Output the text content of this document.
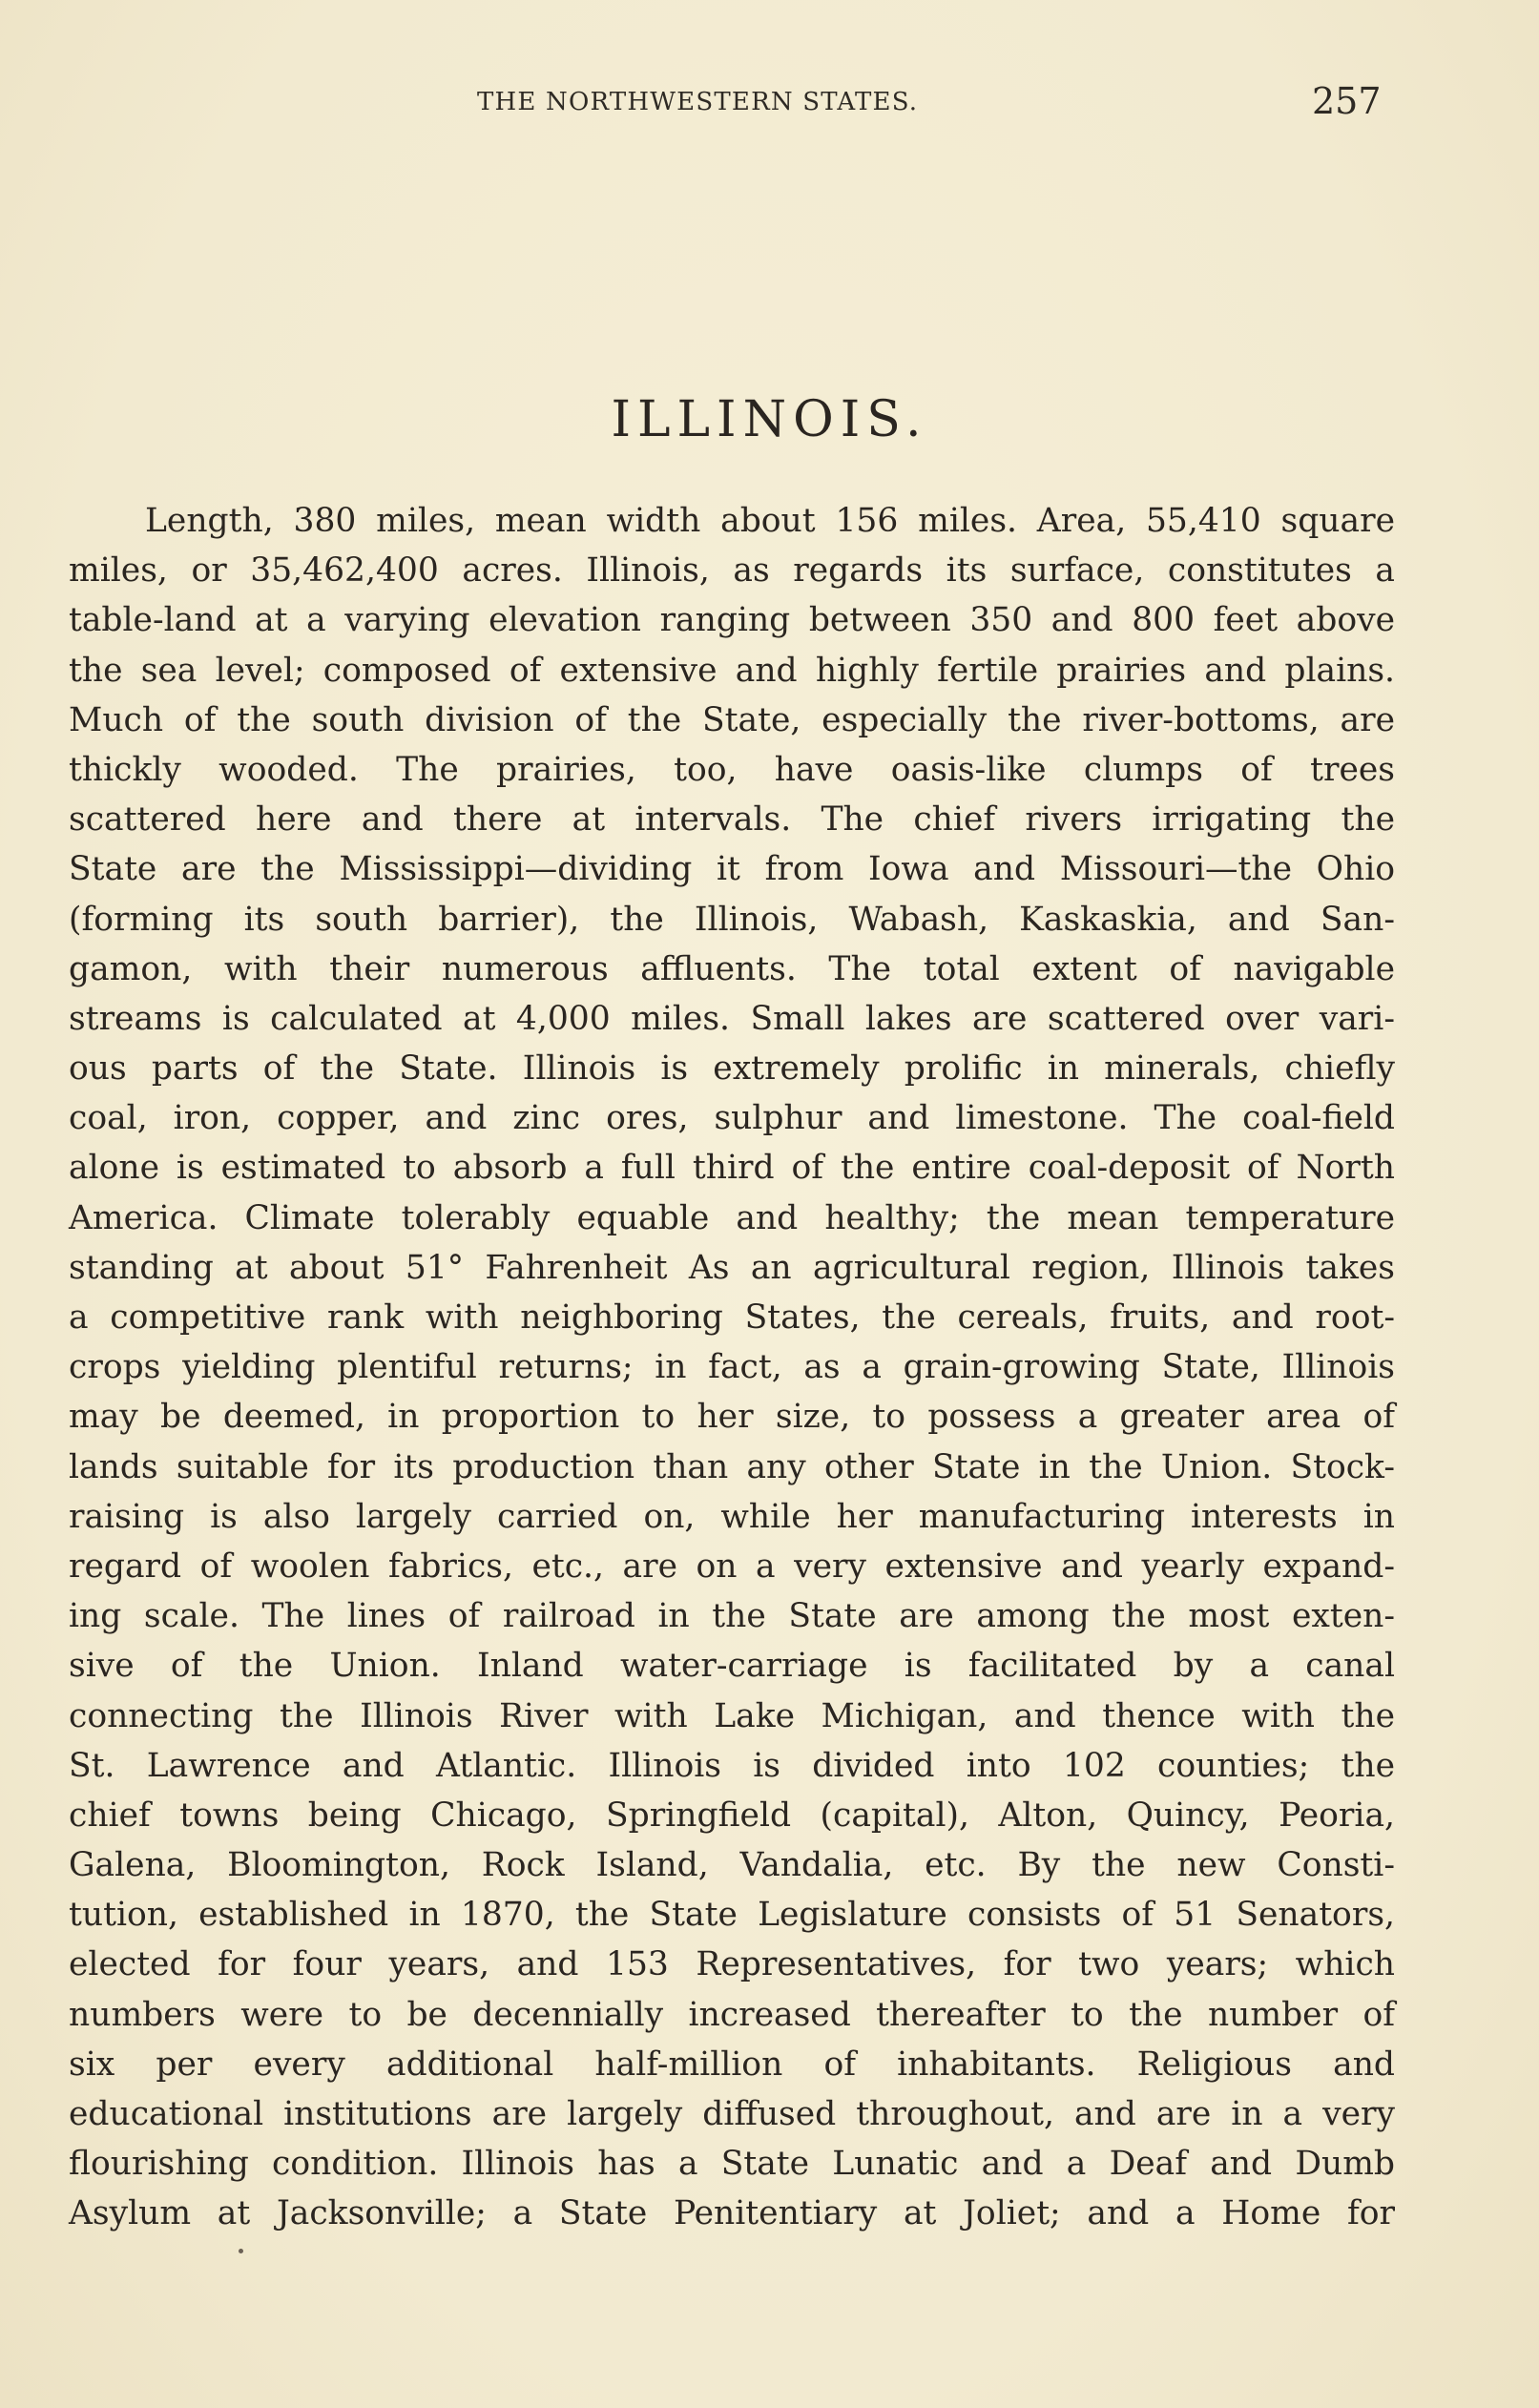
THE NORTHWESTERN STATES.	257
ILLINOIS.
Length, 380 miles, mean width about 156 miles. Area, 55,410 square
miles, or 35,462,400 acres. Illinois, as regards its surface, constitutes a
table-land at a varying elevation ranging between 350 and 800 feet above
the sea level; composed of extensive and highly fertile prairies and plains.
Much of the south division of the State, especially the river-bottoms, are
thickly wooded. The prairies, too, have oasis-like clumps of trees
scattered here and there at intervals. The chief rivers irrigating the
State are the Mississippi—dividing it from Iowa and Missouri—the Ohio
(forming its south barrier), the Illinois, Wabash, Kaskaskia, and San-
gamon, with their numerous affluents. The total extent of navigable
streams is calculated at 4,000 miles. Small lakes are scattered over vari-
ous parts of the State. Illinois is extremely prolific in minerals, chiefly
coal, iron, copper, and zinc ores, sulphur and limestone. The coal-field
alone is estimated to absorb a full third of the entire coal-deposit of North
America. Climate tolerably equable and healthy; the mean temperature
standing at about 51° Fahrenheit As an agricultural region, Illinois takes
a competitive rank with neighboring States, the cereals, fruits, and root-
crops yielding plentiful returns; in fact, as a grain-growing State, Illinois
may be deemed, in proportion to her size, to possess a greater area of
lands suitable for its production than any other State in the Union. Stock-
raising is also largely carried on, while her manufacturing interests in
regard of woolen fabrics, etc., are on a very extensive and yearly expand-
ing scale. The lines of railroad in the State are among the most exten-
sive of the Union. Inland water-carriage is facilitated by a canal
connecting the Illinois River with Lake Michigan, and thence with the
St. Lawrence and Atlantic. Illinois is divided into 102 counties; the
chief towns being Chicago, Springfield (capital), Alton, Quincy, Peoria,
Galena, Bloomington, Rock Island, Vandalia, etc. By the new Consti-
tution, established in 1870, the State Legislature consists of 51 Senators,
elected for four years, and 153 Representatives, for two years; which
numbers were to be decennially increased thereafter to the number of
six per every additional half-million of inhabitants. Religious and
educational institutions are largely diffused throughout, and are in a very
flourishing condition. Illinois has a State Lunatic and a Deaf and Dumb
Asylum at Jacksonville; a State Penitentiary at Joliet; and a Home for
